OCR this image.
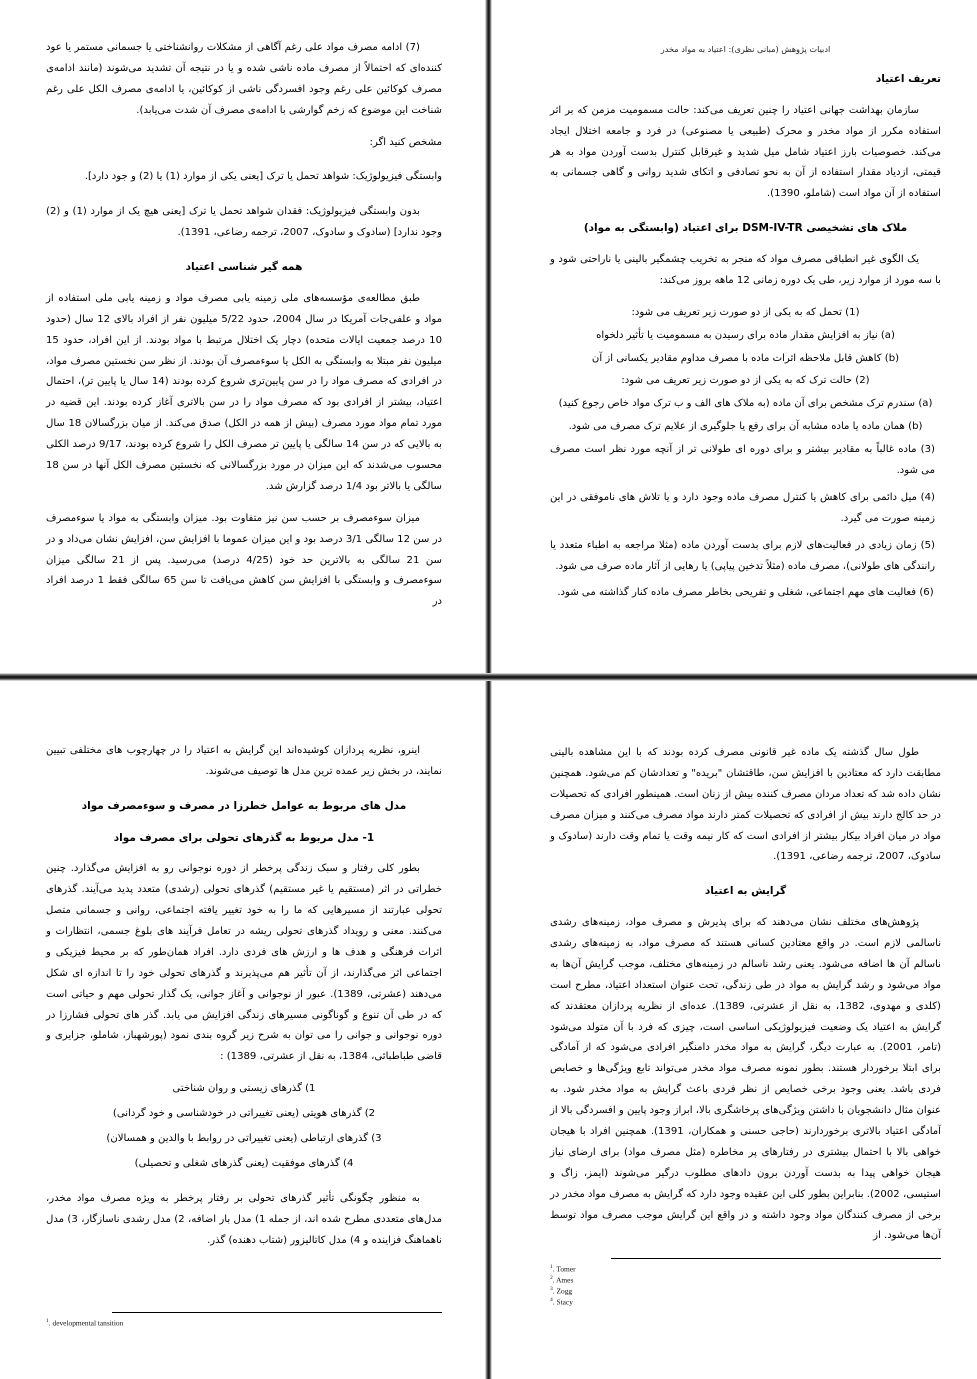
ادبیات پژوهش (مبانی نظری): اعتیاد به مواد مخدر
تعریف اعتیاد

سازمان بهداشت جهانی اعتیاد را چنین تعریف می‌کند: حالت مسمومیت مزمن که بر اثر استفاده مکرر از مواد مخدر و محرک (طبیعی یا مصنوعی) در فرد و جامعه اختلال ایجاد می‌کند. خصوصیات بارز اعتیاد شامل میل شدید و غیرقابل کنترل بدست آوردن مواد به هر قیمتی، ازدیاد مقدار استفاده از آن به نحو تصادفی و اتکای شدید روانی و گاهی جسمانی به استفاده از آن مواد است (شاملو، 1390).

ملاک های تشخیصی DSM-IV-TR برای اعتیاد (وابستگی به مواد)

یک الگوی غیر انطباقی مصرف مواد که منجر به تخریب چشمگیر بالینی یا ناراحتی شود و با سه مورد از موارد زیر، طی یک دوره زمانی 12 ماهه بروز می‌کند:

(1) تحمل که به یکی از دو صورت زیر تعریف می شود:

(a) نیاز به افزایش مقدار ماده برای رسیدن به مسمومیت یا تأثیر دلخواه

(b) کاهش قابل ملاحظه اثرات ماده با مصرف مداوم مقادیر یکسانی از آن

(2) حالت ترک که به یکی از دو صورت زیر تعریف می شود:

(a) سندرم ترک مشخص برای آن ماده (به ملاک های الف و ب ترک مواد خاص رجوع کنید)

(b) همان ماده یا ماده مشابه آن برای رفع یا جلوگیری از علایم ترک مصرف می شود.

(3) ماده غالباً به مقادیر بیشتر و برای دوره ای طولانی تر از آنچه مورد نظر است مصرف می شود.

(4) میل دائمی برای کاهش یا کنترل مصرف ماده وجود دارد و یا تلاش های ناموفقی در این زمینه صورت می گیرد.

(5) زمان زیادی در فعالیت‌های لازم برای بدست آوردن ماده (مثلا مراجعه به اطباء متعدد یا رانندگی های طولانی)، مصرف ماده (مثلاً تدخین پیاپی) یا رهایی از آثار ماده صرف می شود.

(6) فعالیت های مهم اجتماعی، شغلی و تفریحی بخاطر مصرف ماده کنار گذاشته می شود.

(7) ادامه مصرف مواد علی رغم آگاهی از مشکلات روانشناختی یا جسمانی مستمر یا عود کننده‌ای که احتمالاً از مصرف ماده ناشی شده و یا در نتیجه آن تشدید می‌شوند (مانند ادامه‌ی مصرف کوکائین علی رغم وجود افسردگی ناشی از کوکائین، یا ادامه‌ی مصرف الکل علی رغم شناخت این موضوع که زخم گوارشی با ادامه‌ی مصرف آن شدت می‌یابد).

مشخص کنید اگر:

وابستگی فیزیولوژیک: شواهد تحمل یا ترک [یعنی یکی از موارد (1) یا (2) و جود دارد].

بدون وابستگی فیزیولوژیک: فقدان شواهد تحمل یا ترک [یعنی هیچ یک از موارد (1) و (2) وجود ندارد] (سادوک و سادوک، 2007، ترجمه رضاعی، 1391).

همه گیر شناسی اعتیاد

طبق مطالعه‌ی مؤسسه‌های ملی زمینه یابی مصرف مواد و زمینه یابی ملی استفاده از مواد و علفی‌جات آمریکا در سال 2004، حدود 5/22 میلیون نفر از افراد بالای 12 سال (حدود 10 درصد جمعیت ایالات متحده) دچار یک اختلال مرتبط با مواد بودند. از این افراد، حدود 15 میلیون نفر مبتلا به وابستگی به الکل یا سوءمصرف آن بودند. از نظر سن نخستین مصرف مواد، در افرادی که مصرف مواد را در سن پایین‌تری شروع کرده بودند (14 سال یا پایین تر)، احتمال اعتیاد، بیشتر از افرادی بود که مصرف مواد را در سن بالاتری آغاز کرده بودند. این قضیه در مورد تمام مواد مورد مصرف (بیش از همه در الکل) صدق می‌کند. از میان بزرگسالان 18 سال به بالایی که در سن 14 سالگی یا پایین تر مصرف الکل را شروع کرده بودند، 9/17 درصد الکلی محسوب می‌شدند که این میزان در مورد بزرگسالانی که نخستین مصرف الکل آنها در سن 18 سالگی یا بالاتر بود 1/4 درصد گزارش شد.

میزان سوءمصرف بر حسب سن نیز متفاوت بود. میزان وابستگی به مواد یا سوءمصرف در سن 12 سالگی 3/1 درصد بود و این میزان عموما با افزایش سن، افزایش نشان می‌داد و در سن 21 سالگی به بالاترین حد خود (4/25 درصد) می‌رسید. پس از 21 سالگی میزان سوءمصرف و وابستگی با افزایش سن کاهش می‌یافت تا سن 65 سالگی فقط 1 درصد افراد در

طول سال گذشته یک ماده غیر قانونی مصرف کرده بودند که با این مشاهده بالینی مطابقت دارد که معتادین با افزایش سن، طاقتشان "بریده" و تعدادشان کم می‌شود. همچنین نشان داده شد که تعداد مردان مصرف کننده بیش از زنان است. همینطور افرادی که تحصیلات در حد کالج دارند بیش از افرادی که تحصیلات کمتر دارند مواد مصرف می‌کنند و میزان مصرف مواد در میان افراد بیکار بیشتر از افرادی است که کار نیمه وقت یا تمام وقت دارند (سادوک و سادوک، 2007، ترجمه رضاعی، 1391).

گرایش به اعتیاد

پژوهش‌های مختلف نشان می‌دهند که برای پذیرش و مصرف مواد، زمینه‌های رشدی ناسالمی لازم است. در واقع معتادین کسانی هستند که مصرف مواد، به زمینه‌های رشدی ناسالم آن ها اضافه می‌شود. یعنی رشد ناسالم در زمینه‌های مختلف، موجب گرایش آن‌ها به مواد می‌شود و رشد گرایش به مواد در طی زندگی، تحت عنوان استعداد اعتیاد، مطرح است (کلدی و مهدوی، 1382، به نقل از عشرتی، 1389). عده‌ای از نظریه پردازان معتقدند که گرایش به اعتیاد یک وضعیت فیزیولوژیکی اساسی است، چیزی که فرد با آن متولد می‌شود (تامر، 2001). به عبارت دیگر، گرایش به مواد مخدر دامنگیر افرادی می‌شود که از آمادگی برای ابتلا برخوردار هستند. بطور نمونه مصرف مواد مخدر می‌تواند تابع ویژگی‌ها و خصایص فردی باشد. یعنی وجود برخی خصایص از نظر فردی باعث گرایش به مواد مخدر شود. به عنوان مثال دانشجویان با داشتن ویژگی‌های پرخاشگری بالا، ابراز وجود پایین و افسردگی بالا از آمادگی اعتیاد بالاتری برخوردارند (حاجی حسنی و همکاران، 1391). همچنین افراد با هیجان خواهی بالا با احتمال بیشتری در رفتارهای پر مخاطره (مثل مصرف مواد) برای ارضای نیاز هیجان خواهی پیدا به بدست آوردن برون دادهای مطلوب درگیر می‌شوند (ایمز، زاگ و استیسی، 2002). بنابراین بطور کلی این عقیده وجود دارد که گرایش به مصرف مواد مخدر در برخی از مصرف کنندگان مواد وجود داشته و در واقع این گرایش موجب مصرف مواد توسط آن‌ها می‌شود. از

$^1$. Tomer
$^2$. Ames
$^3$. Zogg
$^4$. Stacy

اینرو، نظریه پردازان کوشیده‌اند این گرایش به اعتیاد را در چهارچوب های مختلفی تبیین نمایند، در بخش زیر عمده ترین مدل ها توصیف می‌شوند.

مدل های مربوط به عوامل خطرزا در مصرف و سوءمصرف مواد
1- مدل مربوط به گذرهای تحولی برای مصرف مواد

بطور کلی رفتار و سبک زندگی پرخطر از دوره نوجوانی رو به افزایش می‌گذارد. چنین خطراتی در اثر (مستقیم یا غیر مستقیم) گذرهای تحولی (رشدی) متعدد پدید می‌آیند. گذرهای تحولی عبارتند از مسیرهایی که ما را به خود تغییر یافته اجتماعی، روانی و جسمانی متصل می‌کنند. معنی و رویداد گذرهای تحولی ریشه در تعامل فرآیند های بلوغ جسمی، انتظارات و اثرات فرهنگی و هدف ها و ارزش های فردی دارد. افراد همان‌طور که بر محیط فیزیکی و اجتماعی اثر می‌گذارند، از آن تأثیر هم می‌پذیرند و گذرهای تحولی خود را تا اندازه ای شکل می‌دهند (عشرتی، 1389). عبور از نوجوانی و آغاز جوانی، یک گذار تحولی مهم و حیاتی است که در طی آن تنوع و گوناگونی مسیرهای زندگی افزایش می یابد. گذر های تحولی فشارزا در دوره نوجوانی و جوانی را می توان به شرح زیر گروه بندی نمود (پورشهباز، شاملو، جزایری و قاضی طباطبائی، 1384، به نقل از عشرتی، 1389) :

1) گذرهای زیستی و روان شناختی

2) گذرهای هویتی (یعنی تغییراتی در خودشناسی و خود گردانی)

3) گذرهای ارتباطی (یعنی تغییراتی در روابط با والدین و همسالان)

4) گذرهای موفقیت (یعنی گذرهای شغلی و تحصیلی)

به منظور چگونگی تأثیر گذرهای تحولی بر رفتار پرخطر به ویژه مصرف مواد مخدر، مدل‌های متعددی مطرح شده اند، از جمله 1) مدل بار اضافه، 2) مدل رشدی ناسازگار، 3) مدل ناهماهنگ فزاینده و 4) مدل کاتالیزور (شتاب دهنده) گذر.

$^1$. developmental tansition
